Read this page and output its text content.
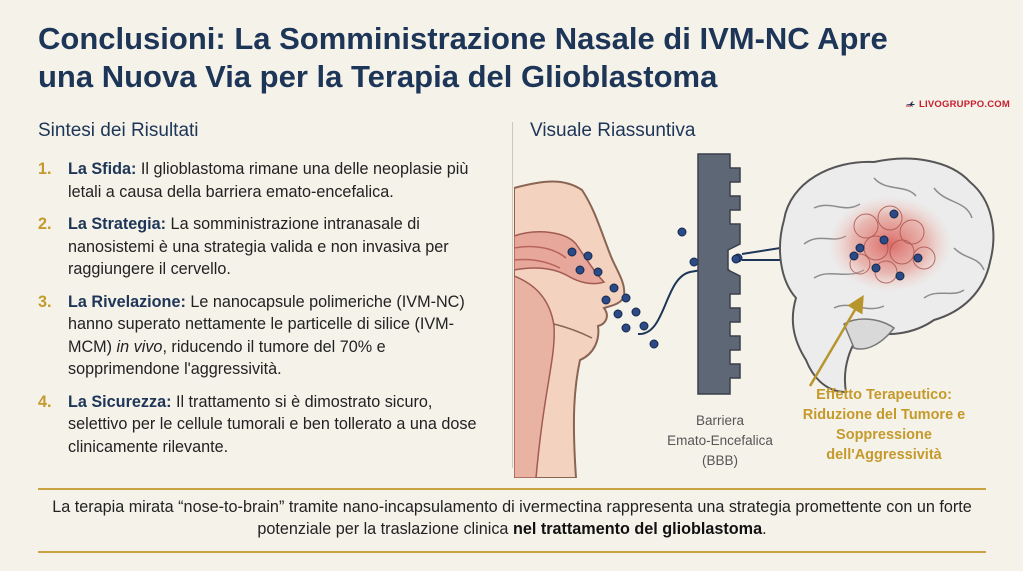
Conclusioni: La Somministrazione Nasale di IVM-NC Apre
una Nuova Via per la Terapia del Glioblastoma
LIVOGRUPPO.COM
Sintesi dei Risultati	Visuale Riassuntiva
1.	La Sfida: Il glioblastoma rimane una delle neoplasie più letali a causa della barriera emato-encefalica.
2.	La Strategia: La somministrazione intranasale di nanosistemi è una strategia valida e non invasiva per raggiungere il cervello.
3.	La Rivelazione: Le nanocapsule polimeriche (IVM-NC) hanno superato nettamente le particelle di silice (IVM-MCM) in vivo, riducendo il tumore del 70% e sopprimendone l'aggressività.
4.	La Sicurezza: Il trattamento si è dimostrato sicuro, selettivo per le cellule tumorali e ben tollerato a una dose clinicamente rilevante.
Barriera
Emato-Encefalica
(BBB)
Effetto Terapeutico:
Riduzione del Tumore e
Soppressione
dell'Aggressività
La terapia mirata “nose-to-brain” tramite nano-incapsulamento di ivermectina rappresenta una strategia promettente con un forte potenziale per la traslazione clinica nel trattamento del glioblastoma.
